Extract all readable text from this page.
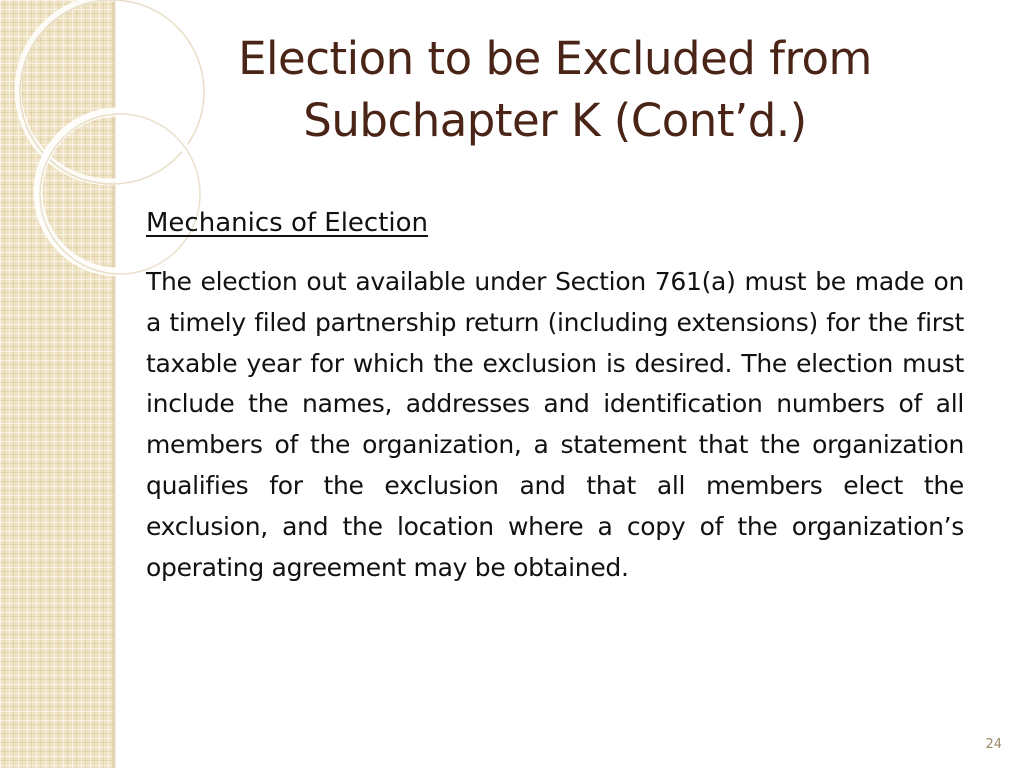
Election to be Excluded from Subchapter K (Cont’d.)
Mechanics of Election

The election out available under Section 761(a) must be made on a timely filed partnership return (including extensions) for the first taxable year for which the exclusion is desired. The election must include the names, addresses and identification numbers of all members of the organization, a statement that the organization qualifies for the exclusion and that all members elect the exclusion, and the location where a copy of the organization’s operating agreement may be obtained.

24
